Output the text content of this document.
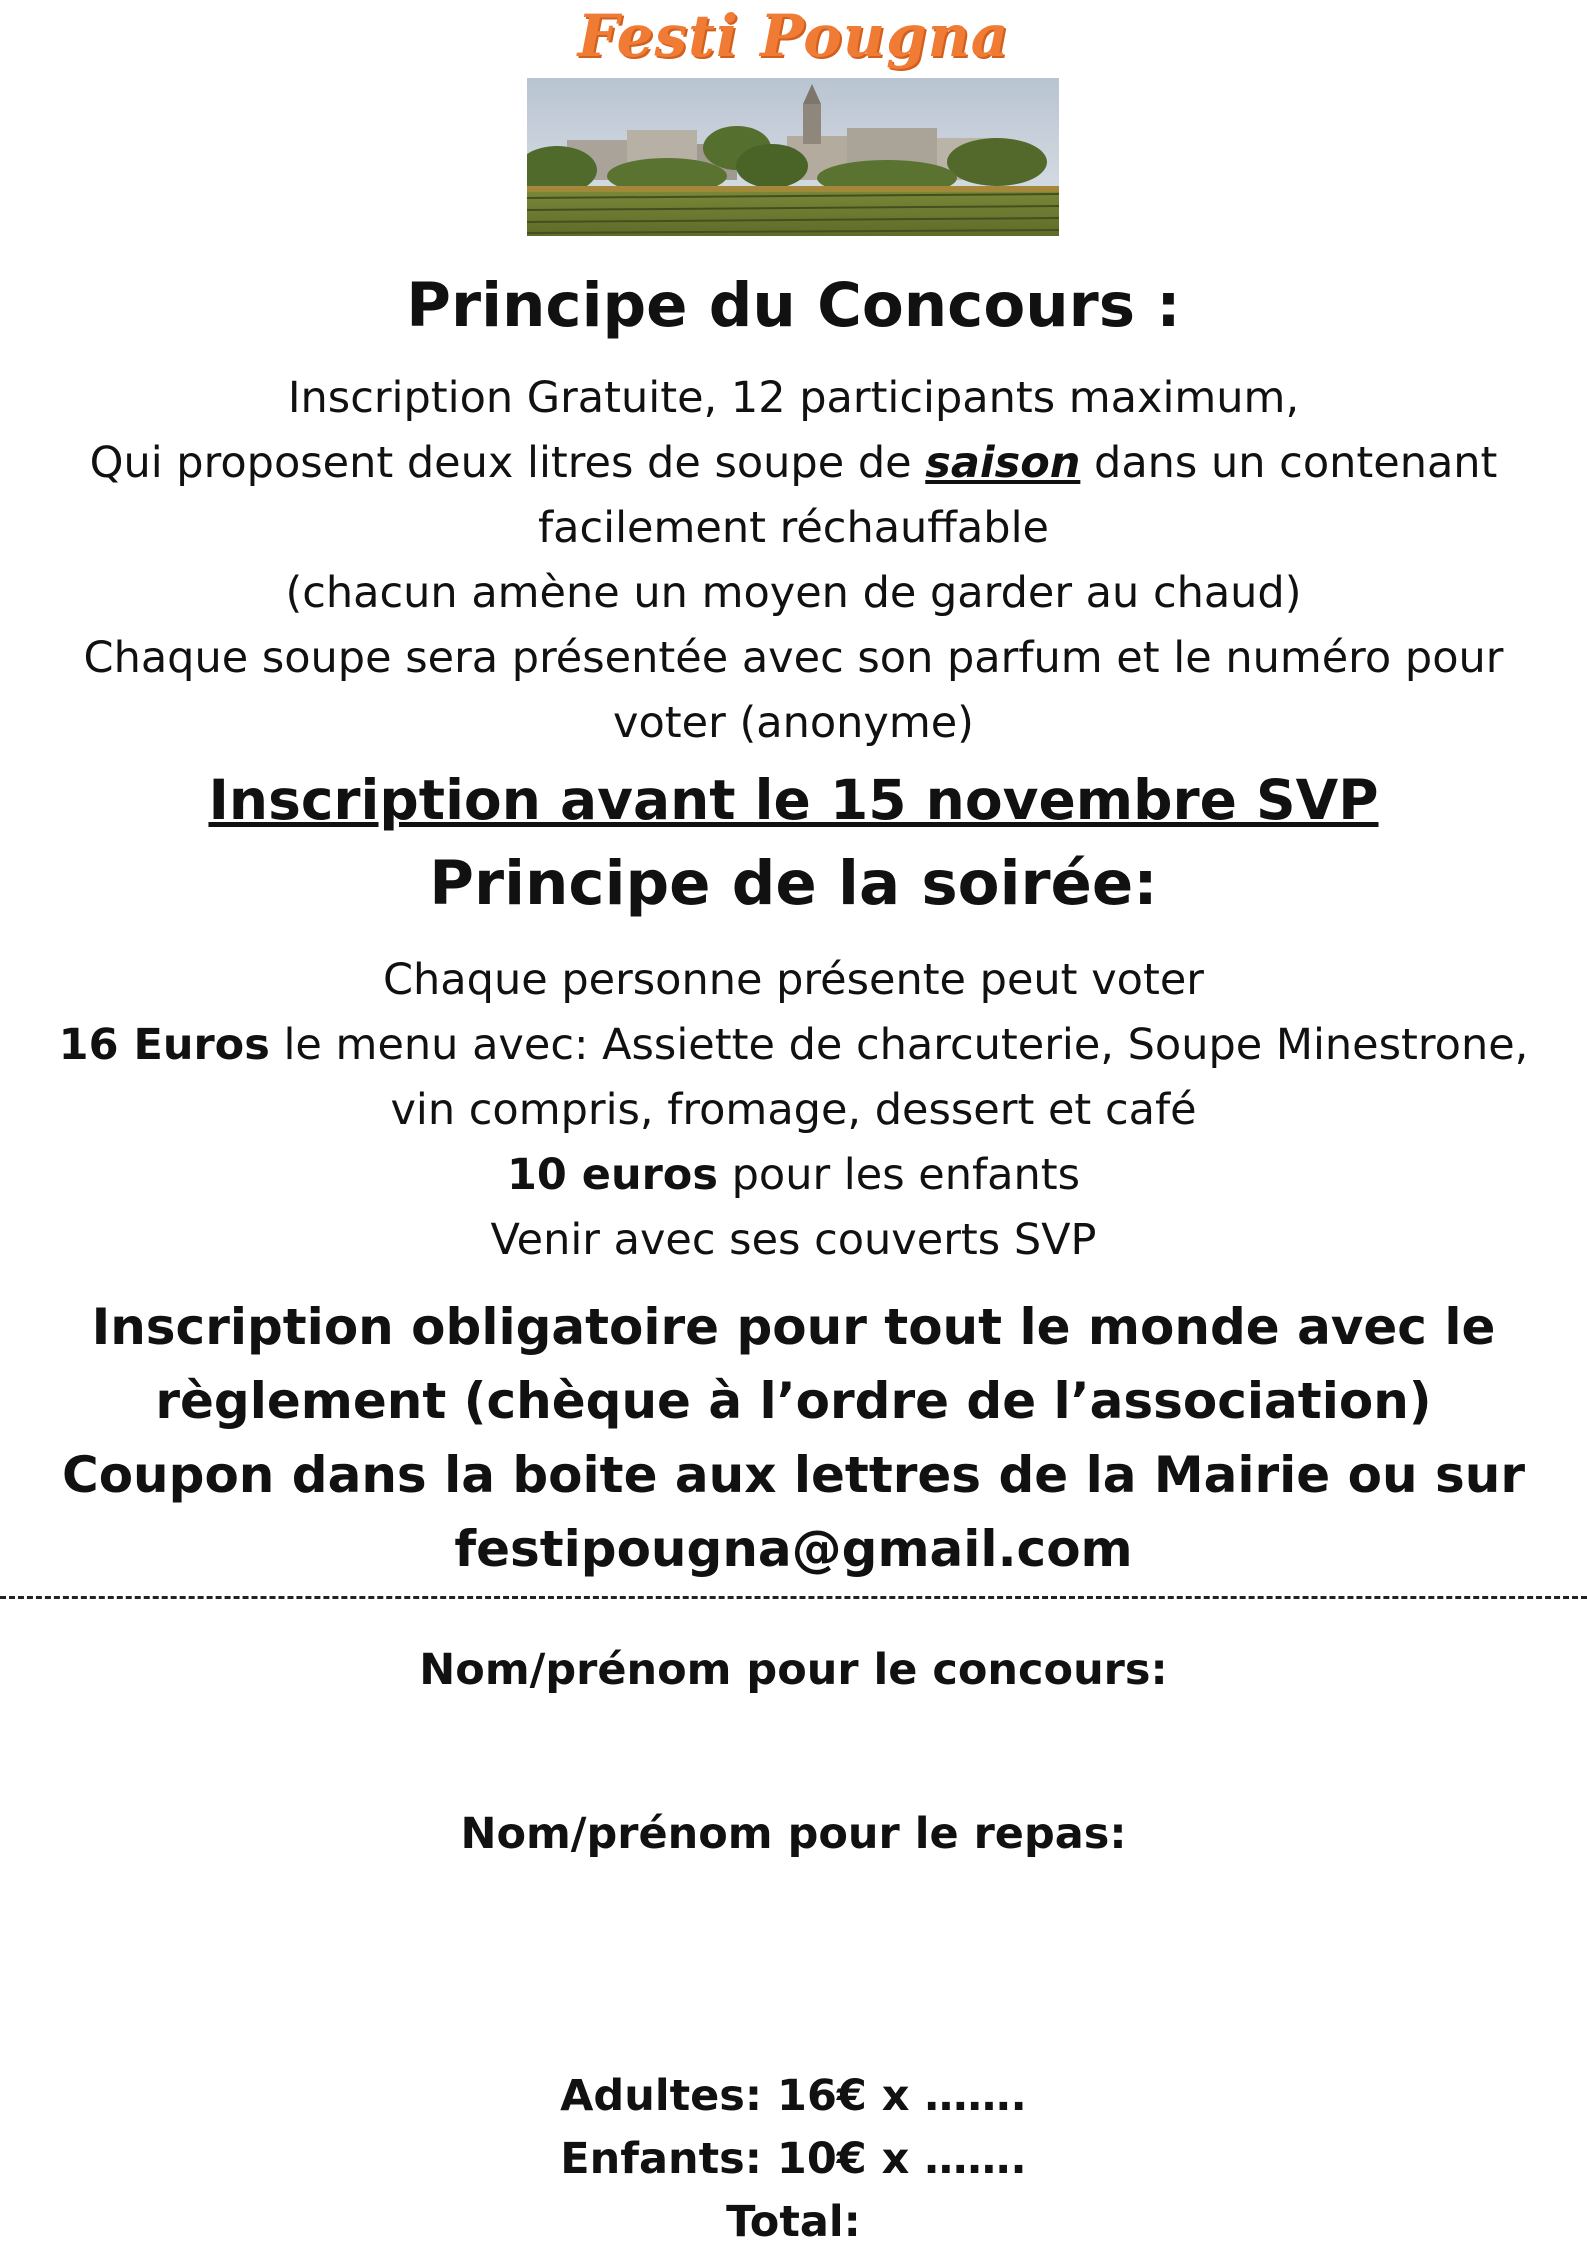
Festi Pougna
Principe du Concours :
Inscription Gratuite, 12 participants maximum,
Qui proposent deux litres de soupe de saison dans un contenant facilement réchauffable
(chacun amène un moyen de garder au chaud)
Chaque soupe sera présentée avec son parfum et le numéro pour voter (anonyme)
Inscription avant le 15 novembre SVP
Principe de la soirée:
Chaque personne présente peut voter
16 Euros le menu avec: Assiette de charcuterie, Soupe Minestrone, vin compris, fromage, dessert et café
10 euros pour les enfants
Venir avec ses couverts SVP
Inscription obligatoire pour tout le monde avec le règlement (chèque à l’ordre de l’association)
Coupon dans la boite aux lettres de la Mairie ou sur festipougna@gmail.com
Nom/prénom pour le concours:
Nom/prénom pour le repas:
Adultes: 16€ x …….
Enfants: 10€ x …….
Total:
